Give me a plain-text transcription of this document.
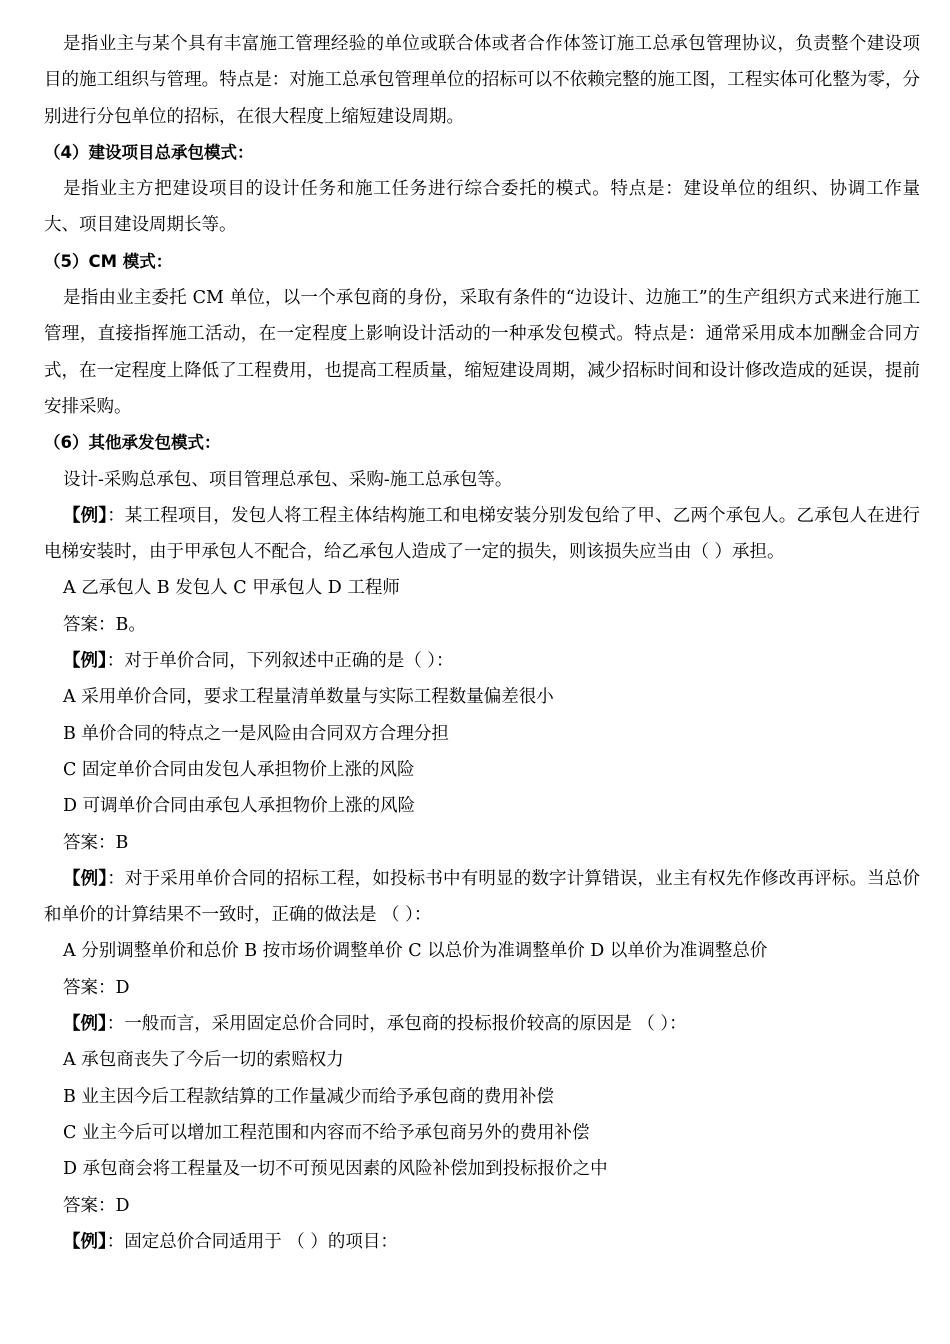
是指业主与某个具有丰富施工管理经验的单位或联合体或者合作体签订施工总承包管理协议，负责整个建设项目的施工组织与管理。特点是：对施工总承包管理单位的招标可以不依赖完整的施工图，工程实体可化整为零，分别进行分包单位的招标，在很大程度上缩短建设周期。

（4）建设项目总承包模式：

是指业主方把建设项目的设计任务和施工任务进行综合委托的模式。特点是：建设单位的组织、协调工作量大、项目建设周期长等。

（5）CM 模式：

是指由业主委托 CM 单位，以一个承包商的身份，采取有条件的“边设计、边施工”的生产组织方式来进行施工管理，直接指挥施工活动，在一定程度上影响设计活动的一种承发包模式。特点是：通常采用成本加酬金合同方式，在一定程度上降低了工程费用，也提高工程质量，缩短建设周期，减少招标时间和设计修改造成的延误，提前安排采购。

（6）其他承发包模式：

设计-采购总承包、项目管理总承包、采购-施工总承包等。

【例】：某工程项目，发包人将工程主体结构施工和电梯安装分别发包给了甲、乙两个承包人。乙承包人在进行电梯安装时，由于甲承包人不配合，给乙承包人造成了一定的损失，则该损失应当由（ ）承担。

A 乙承包人 B 发包人 C 甲承包人 D 工程师

答案：B。

【例】：对于单价合同，下列叙述中正确的是（ ）：

A 采用单价合同，要求工程量清单数量与实际工程数量偏差很小

B 单价合同的特点之一是风险由合同双方合理分担

C 固定单价合同由发包人承担物价上涨的风险

D 可调单价合同由承包人承担物价上涨的风险

答案：B

【例】：对于采用单价合同的招标工程，如投标书中有明显的数字计算错误，业主有权先作修改再评标。当总价和单价的计算结果不一致时，正确的做法是 （ ）：

A 分别调整单价和总价 B 按市场价调整单价 C 以总价为准调整单价 D 以单价为准调整总价

答案：D

【例】：一般而言，采用固定总价合同时，承包商的投标报价较高的原因是 （ ）：

A 承包商丧失了今后一切的索赔权力

B 业主因今后工程款结算的工作量减少而给予承包商的费用补偿

C 业主今后可以增加工程范围和内容而不给予承包商另外的费用补偿

D 承包商会将工程量及一切不可预见因素的风险补偿加到投标报价之中

答案：D

【例】：固定总价合同适用于 （ ）的项目：
